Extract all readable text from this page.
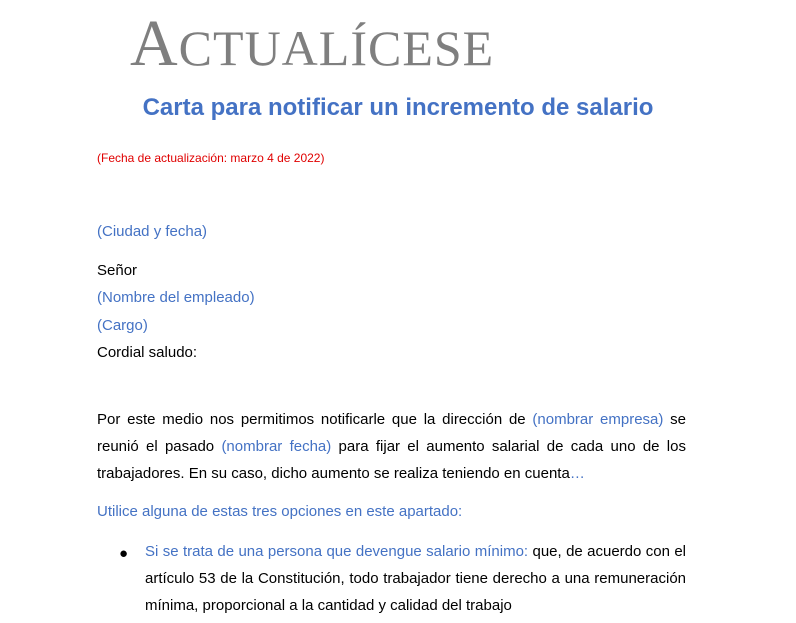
ACTUALÍCESE
Carta para notificar un incremento de salario
(Fecha de actualización: marzo 4 de 2022)
(Ciudad y fecha)
Señor
(Nombre del empleado)
(Cargo)
Cordial saludo:
Por este medio nos permitimos notificarle que la dirección de (nombrar empresa) se reunió el pasado (nombrar fecha) para fijar el aumento salarial de cada uno de los trabajadores. En su caso, dicho aumento se realiza teniendo en cuenta…
Utilice alguna de estas tres opciones en este apartado:
● Si se trata de una persona que devengue salario mínimo: que, de acuerdo con el artículo 53 de la Constitución, todo trabajador tiene derecho a una remuneración mínima, proporcional a la cantidad y calidad del trabajo
